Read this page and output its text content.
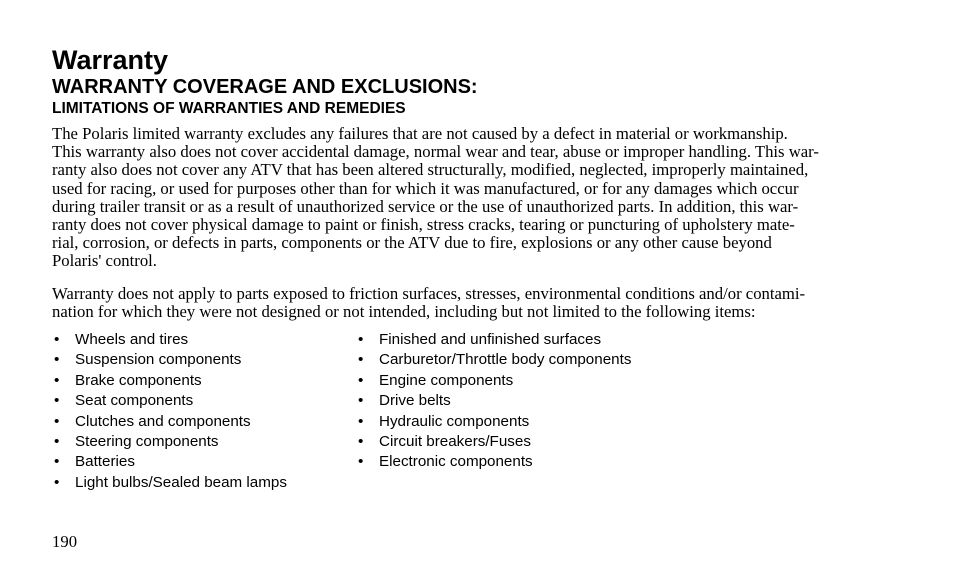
Warranty
WARRANTY COVERAGE AND EXCLUSIONS:
LIMITATIONS OF WARRANTIES AND REMEDIES

The Polaris limited warranty excludes any failures that are not caused by a defect in material or workmanship.
This warranty also does not cover accidental damage, normal wear and tear, abuse or improper handling. This war-
ranty also does not cover any ATV that has been altered structurally, modified, neglected, improperly maintained,
used for racing, or used for purposes other than for which it was manufactured, or for any damages which occur
during trailer transit or as a result of unauthorized service or the use of unauthorized parts. In addition, this war-
ranty does not cover physical damage to paint or finish, stress cracks, tearing or puncturing of upholstery mate-
rial, corrosion, or defects in parts, components or the ATV due to fire, explosions or any other cause beyond
Polaris' control.

Warranty does not apply to parts exposed to friction surfaces, stresses, environmental conditions and/or contami-
nation for which they were not designed or not intended, including but not limited to the following items:

• Wheels and tires
• Suspension components
• Brake components
• Seat components
• Clutches and components
• Steering components
• Batteries
• Light bulbs/Sealed beam lamps
• Finished and unfinished surfaces
• Carburetor/Throttle body components
• Engine components
• Drive belts
• Hydraulic components
• Circuit breakers/Fuses
• Electronic components

190
